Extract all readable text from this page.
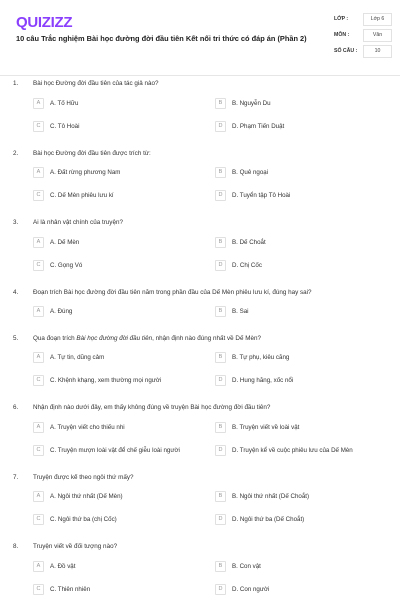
QUIZIZZ
10 câu Trắc nghiệm Bài học đường đời đầu tiên Kết nối tri thức có đáp án (Phần 2)
LỚP :	Lớp 6
MÔN :	Văn
SỐ CÂU :	10
1. Bài học Đường đời đầu tiên của tác giả nào?
A	A. Tố Hữu	B	B. Nguyễn Du
C	C. Tô Hoài	D	D. Phạm Tiến Duật
2. Bài học Đường đời đầu tiên được trích từ:
A	A. Đất rừng phương Nam	B	B. Quê ngoại
C	C. Dế Mèn phiêu lưu kí	D	D. Tuyển tập Tô Hoài
3. Ai là nhân vật chính của truyện?
A	A. Dế Mèn	B	B. Dế Choắt
C	C. Gọng Vó	D	D. Chị Cốc
4. Đoạn trích Bài học đường đời đầu tiên nằm trong phần đầu của Dế Mèn phiêu lưu kí, đúng hay sai?
A	A. Đúng	B	B. Sai
5. Qua đoạn trích Bài học đường đời đầu tiên, nhận định nào đúng nhất về Dế Mèn?
A	A. Tự tin, dũng cảm	B	B. Tự phụ, kiêu căng
C	C. Khệnh khạng, xem thường mọi người	D	D. Hung hăng, xốc nổi
6. Nhận định nào dưới đây, em thấy không đúng về truyện Bài học đường đời đầu tiên?
A	A. Truyện viết cho thiếu nhi	B	B. Truyện viết về loài vật
C	C. Truyện mượn loài vật để chế giễu loài người	D	D. Truyện kể về cuộc phiêu lưu của Dế Mèn
7. Truyện được kể theo ngôi thứ mấy?
A	A. Ngôi thứ nhất (Dế Mèn)	B	B. Ngôi thứ nhất (Dế Choắt)
C	C. Ngôi thứ ba (chị Cốc)	D	D. Ngôi thứ ba (Dế Choắt)
8. Truyện viết về đối tượng nào?
A	A. Đồ vật	B	B. Con vật
C	C. Thiên nhiên	D	D. Con người
